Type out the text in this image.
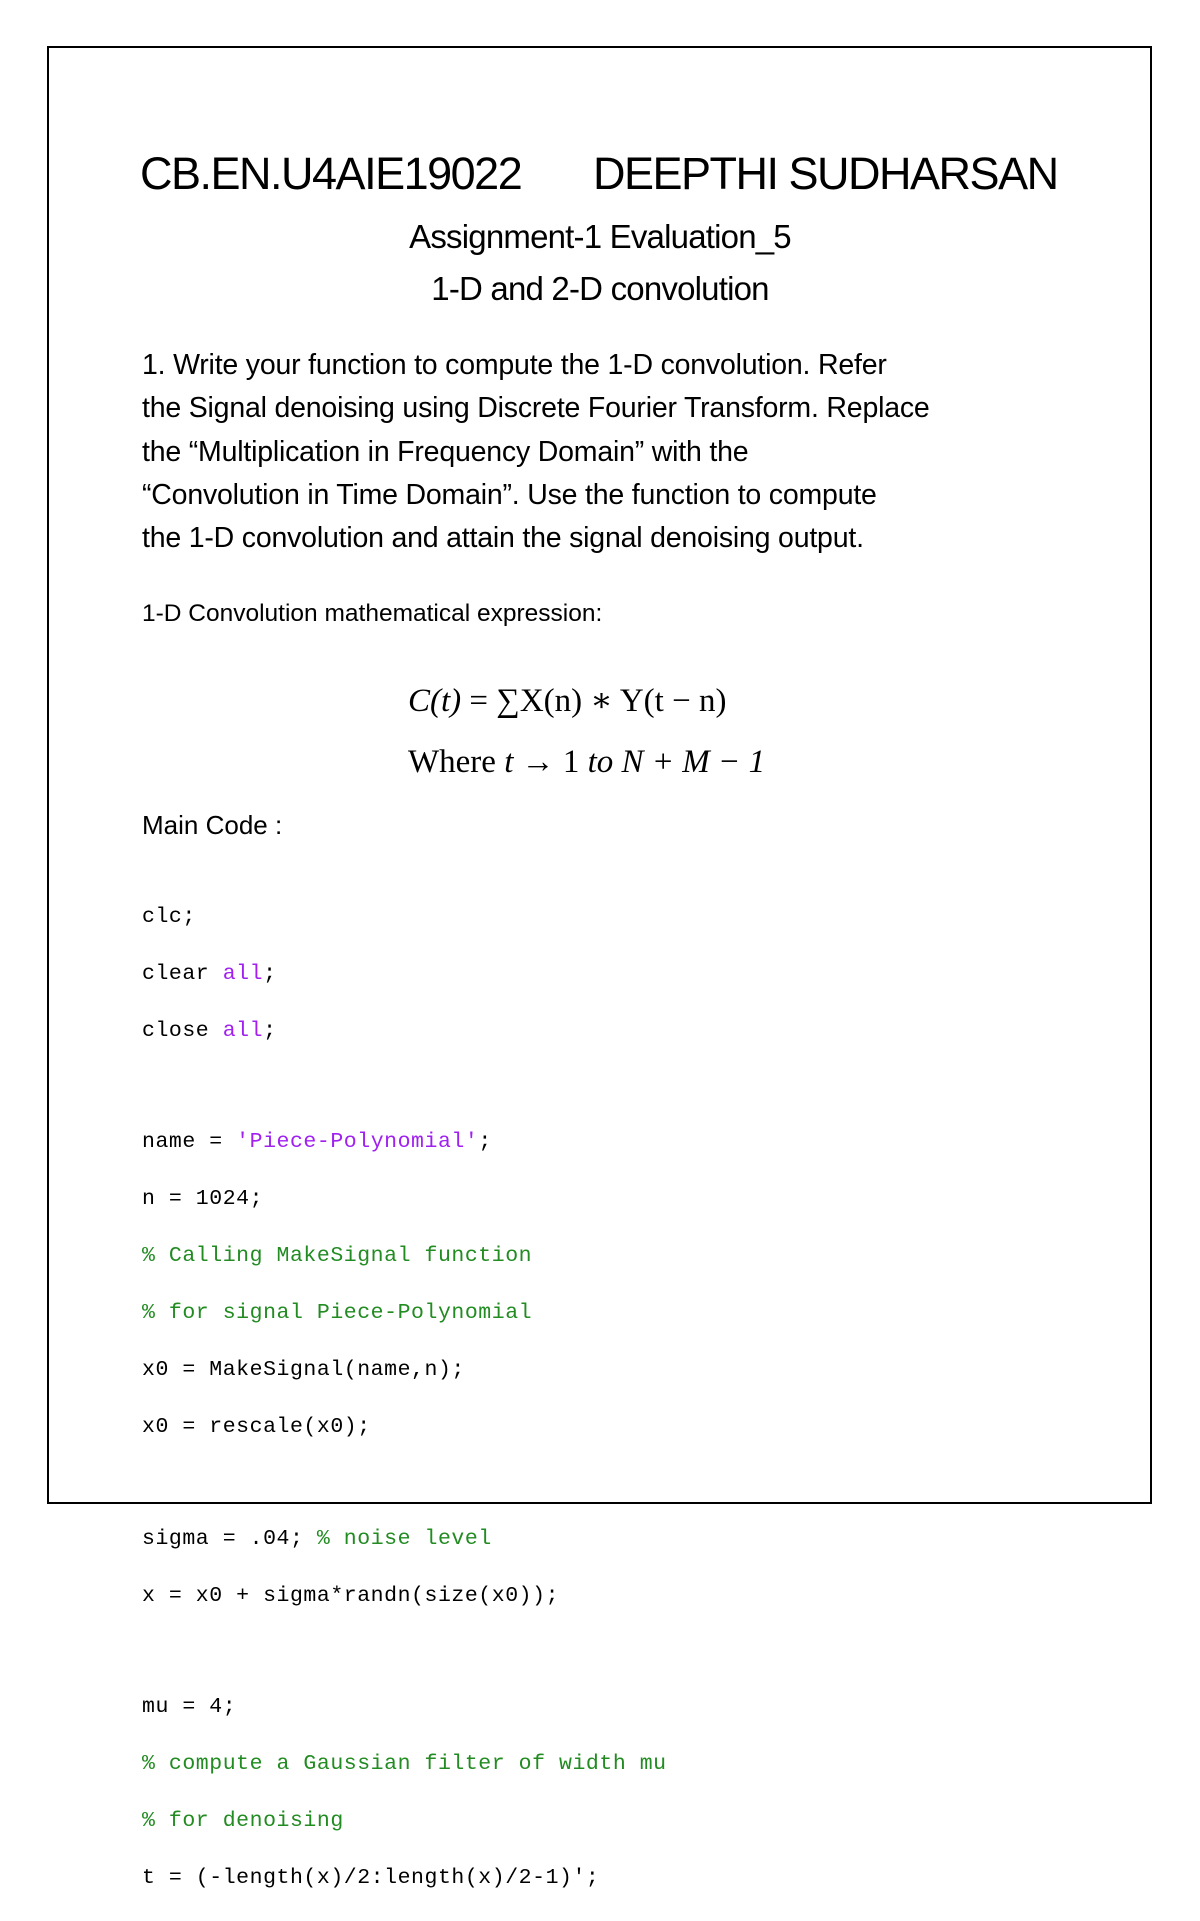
CB.EN.U4AIE19022 DEEPTHI SUDHARSAN
Assignment-1 Evaluation_5
1-D and 2-D convolution
1. Write your function to compute the 1-D convolution. Refer
the Signal denoising using Discrete Fourier Transform. Replace
the “Multiplication in Frequency Domain” with the
“Convolution in Time Domain”. Use the function to compute
the 1-D convolution and attain the signal denoising output.
1-D Convolution mathematical expression:
C(t) = ∑X(n) ∗ Y(t − n)
Where t → 1 to N + M − 1
Main Code :

clc;

clear all;

close all;

name = 'Piece-Polynomial';

n = 1024;

% Calling MakeSignal function

% for signal Piece-Polynomial

x0 = MakeSignal(name,n);

x0 = rescale(x0);

sigma = .04; % noise level

x = x0 + sigma*randn(size(x0));

mu = 4;

% compute a Gaussian filter of width mu

% for denoising

t = (-length(x)/2:length(x)/2-1)';
